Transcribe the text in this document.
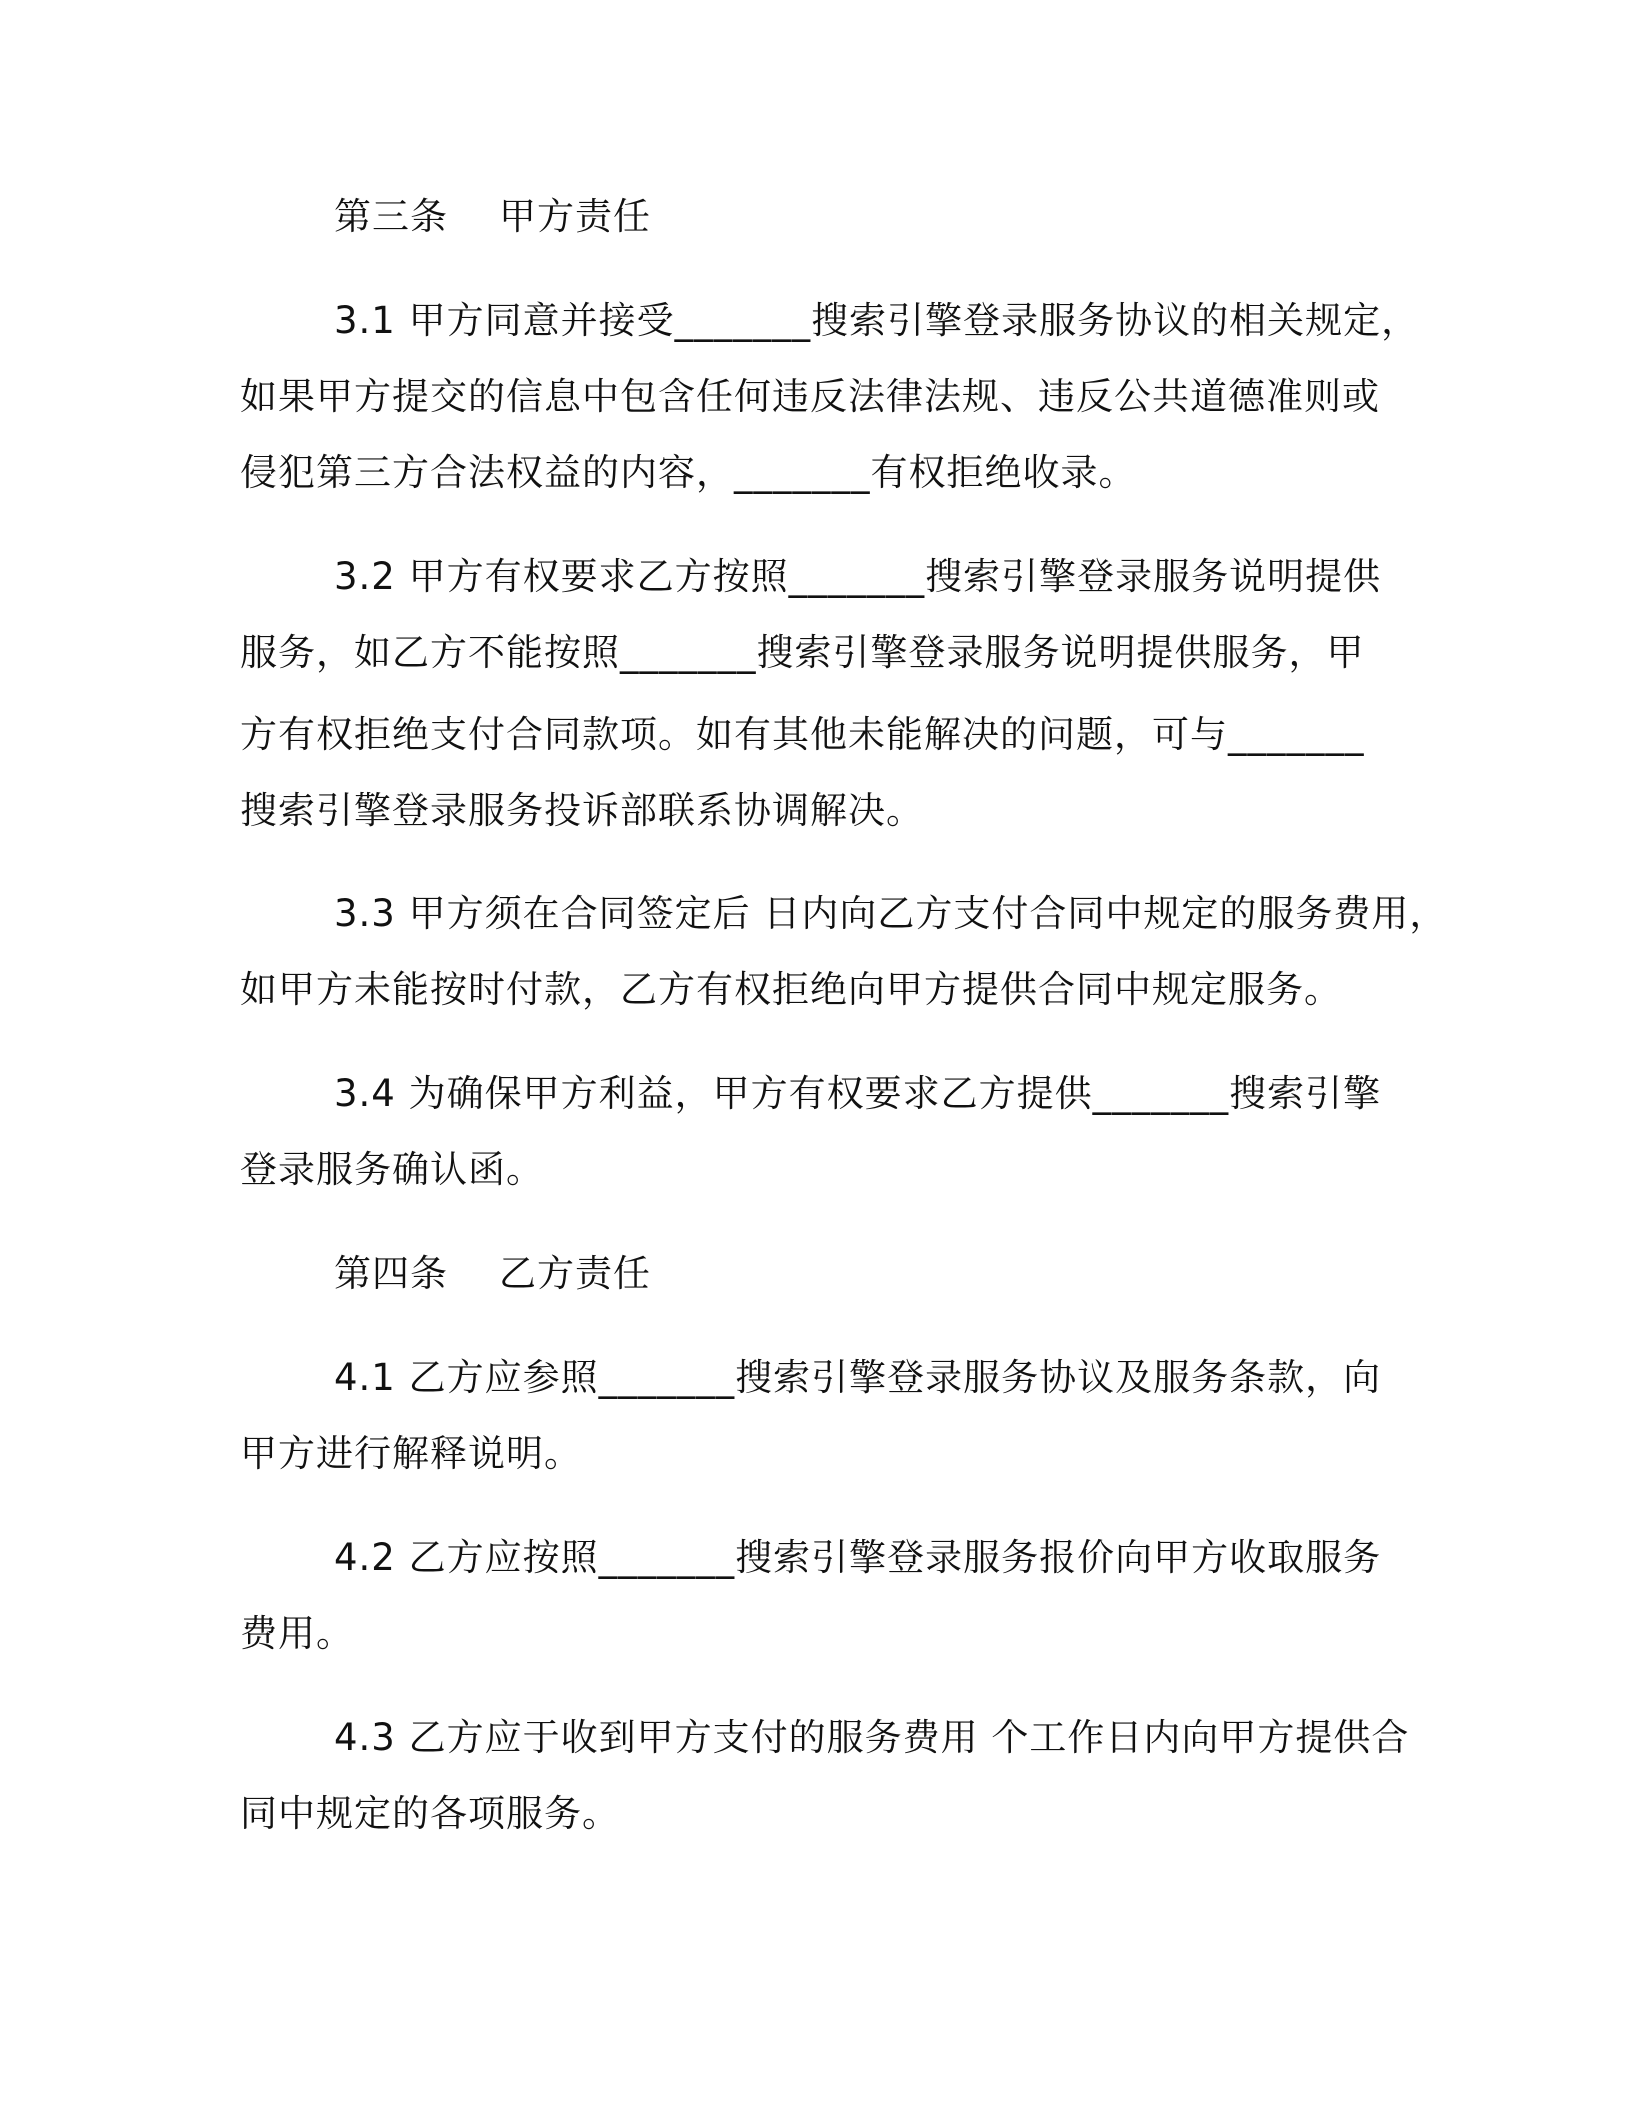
第三条    甲方责任
3.1 甲方同意并接受_______搜索引擎登录服务协议的相关规定，
如果甲方提交的信息中包含任何违反法律法规、违反公共道德准则或
侵犯第三方合法权益的内容，_______有权拒绝收录。
3.2 甲方有权要求乙方按照_______搜索引擎登录服务说明提供
服务，如乙方不能按照_______搜索引擎登录服务说明提供服务，甲
方有权拒绝支付合同款项。如有其他未能解决的问题，可与_______
搜索引擎登录服务投诉部联系协调解决。
3.3 甲方须在合同签定后 日内向乙方支付合同中规定的服务费用，
如甲方未能按时付款，乙方有权拒绝向甲方提供合同中规定服务。
3.4 为确保甲方利益，甲方有权要求乙方提供_______搜索引擎
登录服务确认函。
第四条    乙方责任
4.1 乙方应参照_______搜索引擎登录服务协议及服务条款，向
甲方进行解释说明。
4.2 乙方应按照_______搜索引擎登录服务报价向甲方收取服务
费用。
4.3 乙方应于收到甲方支付的服务费用 个工作日内向甲方提供合
同中规定的各项服务。
